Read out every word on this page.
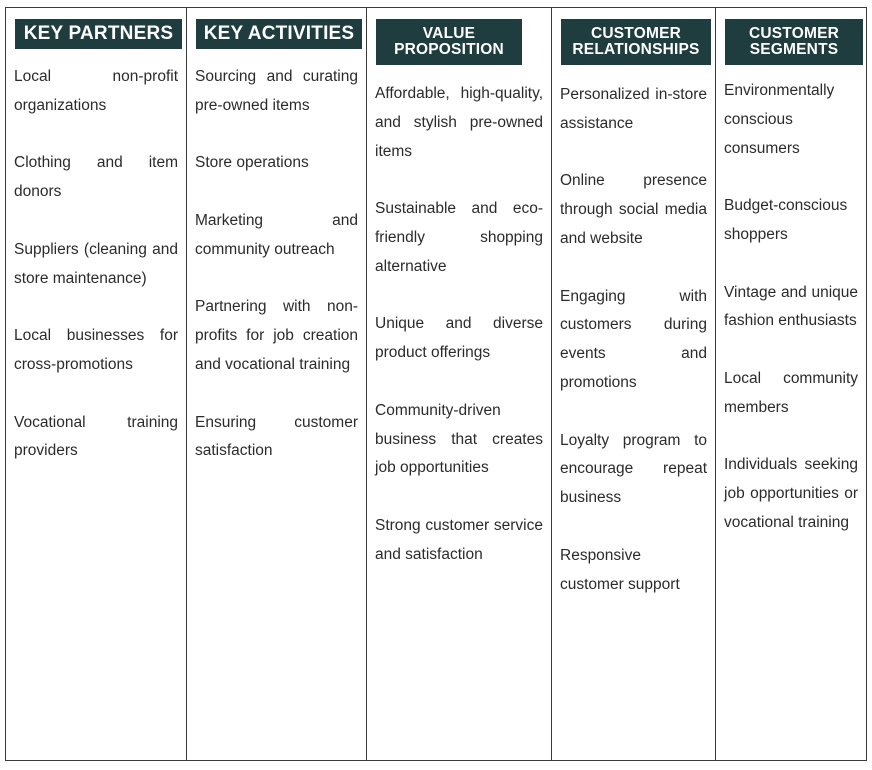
KEY PARTNERS
Local non-profit organizations
Clothing and item donors
Suppliers (cleaning and store maintenance)
Local businesses for cross-promotions
Vocational training providers
KEY ACTIVITIES
Sourcing and curating pre-owned items
Store operations
Marketing and community outreach
Partnering with non-profits for job creation and vocational training
Ensuring customer satisfaction
VALUE PROPOSITION
Affordable, high-quality, and stylish pre-owned items
Sustainable and eco-friendly shopping alternative
Unique and diverse product offerings
Community-driven business that creates job opportunities
Strong customer service and satisfaction
CUSTOMER RELATIONSHIPS
Personalized in-store assistance
Online presence through social media and website
Engaging with customers during events and promotions
Loyalty program to encourage repeat business
Responsive customer support
CUSTOMER SEGMENTS
Environmentally conscious consumers
Budget-conscious shoppers
Vintage and unique fashion enthusiasts
Local community members
Individuals seeking job opportunities or vocational training
